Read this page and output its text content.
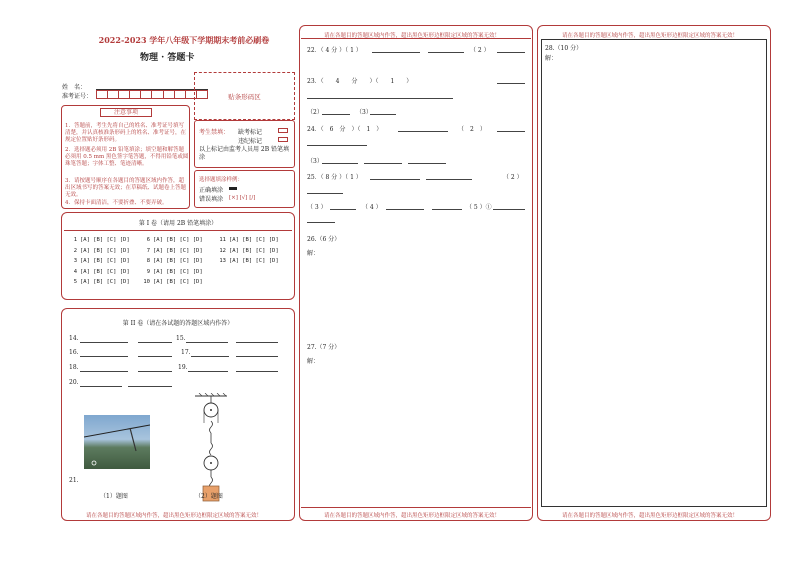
2022-2023 学年八年级下学期期末考前必刷卷
物理 · 答题卡
姓　名：
准考证号：	贴条形码区
注意事项
1．答题前，考生先将自己的姓名、准考证号填写清楚，并认真核准条形码上的姓名、准考证号，在规定位置贴好条形码。
2．选择题必须用 2B 铅笔填涂；填空题和解答题必须用 0.5 mm 黑色签字笔答题，不得用铅笔或圆珠笔答题；字体工整、笔迹清晰。
3．请按题号顺序在各题目的答题区域内作答，超出区域书写的答案无效；在草稿纸、试题卷上答题无效。
4．保持卡面清洁，不要折叠、不要弄破。
考生禁填： 缺考标记
违纪标记
以上标记由监考人员用 2B 铅笔填涂
选择题填涂样例：
正确填涂
错误填涂 [×] [√] [/]
第 I 卷（请用 2B 铅笔填涂）
1 [A] [B] [C] [D]
2 [A] [B] [C] [D]
3 [A] [B] [C] [D]
4 [A] [B] [C] [D]
5 [A] [B] [C] [D]
6 [A] [B] [C] [D]
7 [A] [B] [C] [D]
8 [A] [B] [C] [D]
9 [A] [B] [C] [D]
10 [A] [B] [C] [D]
11 [A] [B] [C] [D]
12 [A] [B] [C] [D]
13 [A] [B] [C] [D]
第 II 卷（请在各试题的答题区域内作答）
14.	15.
16.	17.
18.	19.
20.
21.
（1）题图	（2）题图
请在各题目的答题区域内作答，超出黑色矩形边框限定区域的答案无效！
请在各题目的答题区域内作答，超出黑色矩形边框限定区域的答案无效！
22．（ 4 分 ）（ 1 ）	（ 2 ）
23．（　　4　　分　　）（　　1　　）
（2）	（3）
24．（　6　分　）（　1　）	（　2　）
（3）
25．（ 8 分 ）（ 1 ）	（ 2 ）
（ 3 ）	（ 4 ）	（ 5 ）①
26.（6 分）
解：
27.（7 分）
解：
请在各题目的答题区域内作答，超出黑色矩形边框限定区域的答案无效！
请在各题目的答题区域内作答，超出黑色矩形边框限定区域的答案无效！
28.（10 分）
解：
请在各题目的答题区域内作答，超出黑色矩形边框限定区域的答案无效！
